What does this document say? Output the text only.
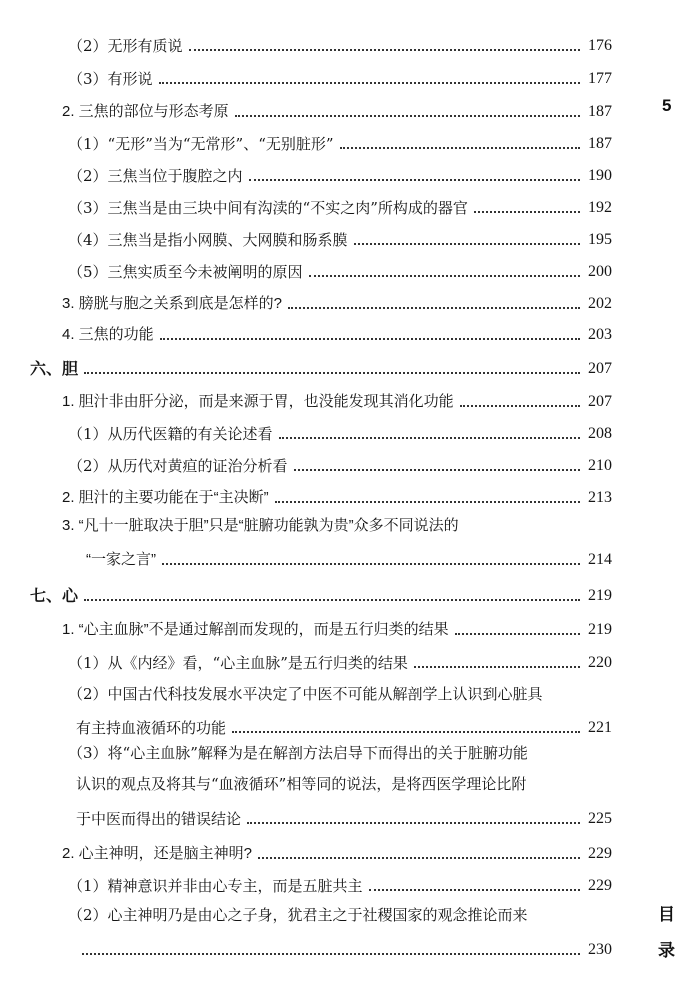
（2）无形有质说	176
（3）有形说	177
2. 三焦的部位与形态考原	187
（1）“无形”当为“无常形”、“无别脏形”	187
（2）三焦当位于腹腔之内	190
（3）三焦当是由三块中间有沟渎的“不实之肉”所构成的器官	192
（4）三焦当是指小网膜、大网膜和肠系膜	195
（5）三焦实质至今未被阐明的原因	200
3. 膀胱与胞之关系到底是怎样的?	202
4. 三焦的功能	203
六、胆	207
1. 胆汁非由肝分泌，而是来源于胃，也没能发现其消化功能	207
（1）从历代医籍的有关论述看	208
（2）从历代对黄疸的证治分析看	210
2. 胆汁的主要功能在于“主决断”	213
3. “凡十一脏取决于胆”只是“脏腑功能孰为贵”众多不同说法的
“一家之言”	214
七、心	219
1. “心主血脉”不是通过解剖而发现的，而是五行归类的结果	219
（1）从《内经》看，“心主血脉”是五行归类的结果	220
（2）中国古代科技发展水平决定了中医不可能从解剖学上认识到心脏具
有主持血液循环的功能	221
（3）将“心主血脉”解释为是在解剖方法启导下而得出的关于脏腑功能
认识的观点及将其与“血液循环”相等同的说法，是将西医学理论比附
于中医而得出的错误结论	225
2. 心主神明，还是脑主神明?	229
（1）精神意识并非由心专主，而是五脏共主	229
（2）心主神明乃是由心之子身，犹君主之于社稷国家的观念推论而来
230
5
目
录
